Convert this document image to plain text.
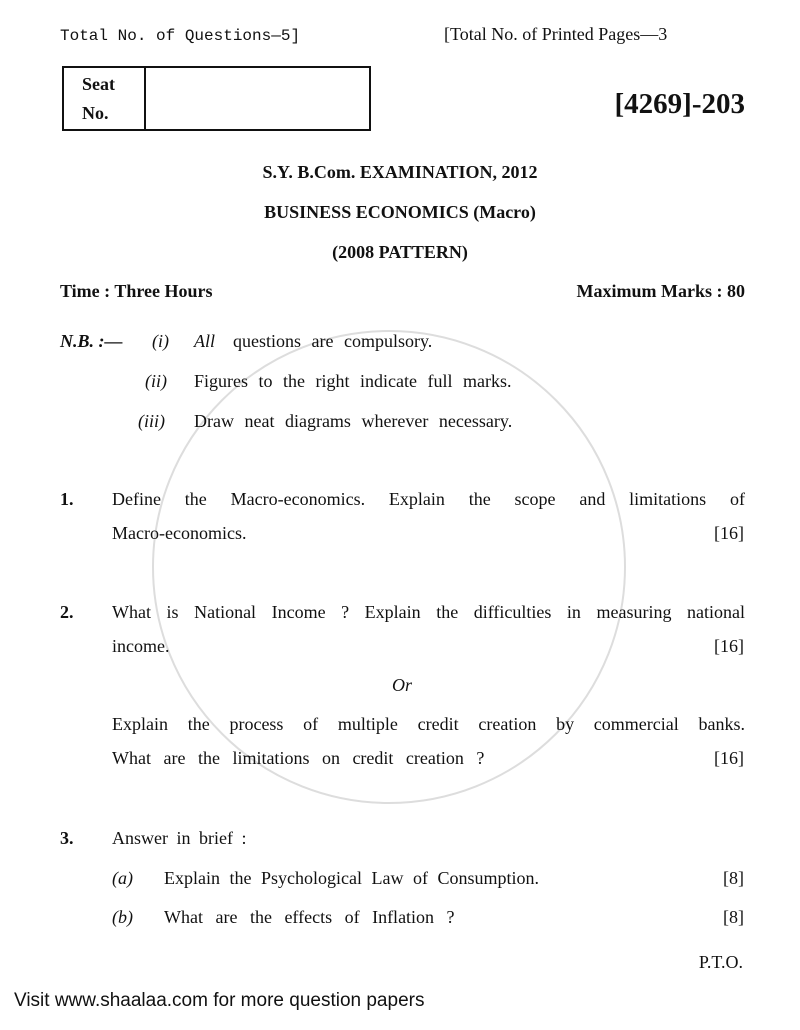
Total No. of Questions—5]	[Total No. of Printed Pages—3
Seat
No.	[4269]-203
S.Y. B.Com. EXAMINATION, 2012
BUSINESS ECONOMICS (Macro)
(2008 PATTERN)
Time : Three Hours	Maximum Marks : 80
N.B. :— (i) All questions are compulsory.
(ii) Figures to the right indicate full marks.
(iii) Draw neat diagrams wherever necessary.
1. Define the Macro-economics. Explain the scope and limitations of
Macro-economics.	[16]
2. What is National Income ? Explain the difficulties in measuring national
income.	[16]
Or
Explain the process of multiple credit creation by commercial banks.
What are the limitations on credit creation ?	[16]
3. Answer in brief :
(a) Explain the Psychological Law of Consumption.	[8]
(b) What are the effects of Inflation ?	[8]
P.T.O.
Visit www.shaalaa.com for more question papers
